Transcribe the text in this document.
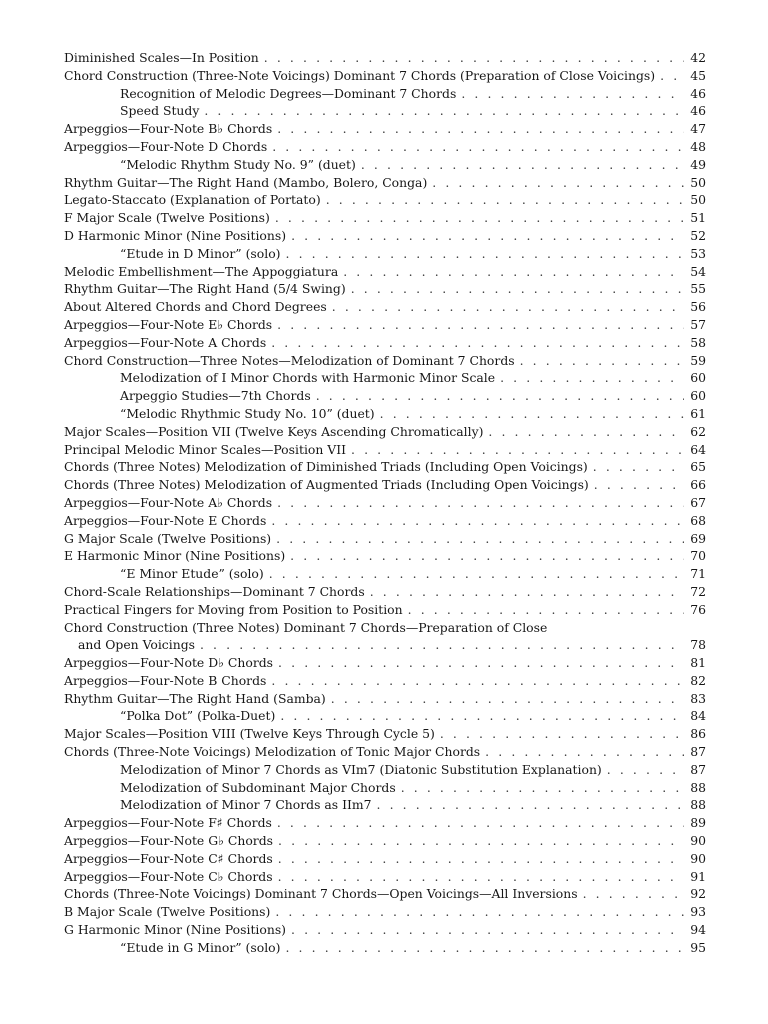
Diminished Scales—In Position . . .	42
Chord Construction (Three-Note Voicings) Dominant 7 Chords (Preparation of Close Voicings) . . .	45
Recognition of Melodic Degrees—Dominant 7 Chords . . .	46
Speed Study . . .	46
Arpeggios—Four-Note B♭ Chords . . .	47
Arpeggios—Four-Note D Chords . . .	48
“Melodic Rhythm Study No. 9” (duet) . . .	49
Rhythm Guitar—The Right Hand (Mambo, Bolero, Conga) . . .	50
Legato-Staccato (Explanation of Portato) . . .	50
F Major Scale (Twelve Positions) . . .	51
D Harmonic Minor (Nine Positions) . . .	52
“Etude in D Minor” (solo) . . .	53
Melodic Embellishment—The Appoggiatura . . .	54
Rhythm Guitar—The Right Hand (5/4 Swing) . . .	55
About Altered Chords and Chord Degrees . . .	56
Arpeggios—Four-Note E♭ Chords . . .	57
Arpeggios—Four-Note A Chords . . .	58
Chord Construction—Three Notes—Melodization of Dominant 7 Chords . . .	59
Melodization of I Minor Chords with Harmonic Minor Scale . . .	60
Arpeggio Studies—7th Chords . . .	60
“Melodic Rhythmic Study No. 10” (duet) . . .	61
Major Scales—Position VII (Twelve Keys Ascending Chromatically) . . .	62
Principal Melodic Minor Scales—Position VII . . .	64
Chords (Three Notes) Melodization of Diminished Triads (Including Open Voicings) . . .	65
Chords (Three Notes) Melodization of Augmented Triads (Including Open Voicings) . . .	66
Arpeggios—Four-Note A♭ Chords . . .	67
Arpeggios—Four-Note E Chords . . .	68
G Major Scale (Twelve Positions) . . .	69
E Harmonic Minor (Nine Positions) . . .	70
“E Minor Etude” (solo) . . .	71
Chord-Scale Relationships—Dominant 7 Chords . . .	72
Practical Fingers for Moving from Position to Position . . .	76
Chord Construction (Three Notes) Dominant 7 Chords—Preparation of Close
and Open Voicings . . .	78
Arpeggios—Four-Note D♭ Chords . . .	81
Arpeggios—Four-Note B Chords . . .	82
Rhythm Guitar—The Right Hand (Samba) . . .	83
“Polka Dot” (Polka-Duet) . . .	84
Major Scales—Position VIII (Twelve Keys Through Cycle 5) . . .	86
Chords (Three-Note Voicings) Melodization of Tonic Major Chords . . .	87
Melodization of Minor 7 Chords as VIm7 (Diatonic Substitution Explanation) . . .	87
Melodization of Subdominant Major Chords . . .	88
Melodization of Minor 7 Chords as IIm7 . . .	88
Arpeggios—Four-Note F♯ Chords . . .	89
Arpeggios—Four-Note G♭ Chords . . .	90
Arpeggios—Four-Note C♯ Chords . . .	90
Arpeggios—Four-Note C♭ Chords . . .	91
Chords (Three-Note Voicings) Dominant 7 Chords—Open Voicings—All Inversions . . .	92
B Major Scale (Twelve Positions) . . .	93
G Harmonic Minor (Nine Positions) . . .	94
“Etude in G Minor” (solo) . . .	95
